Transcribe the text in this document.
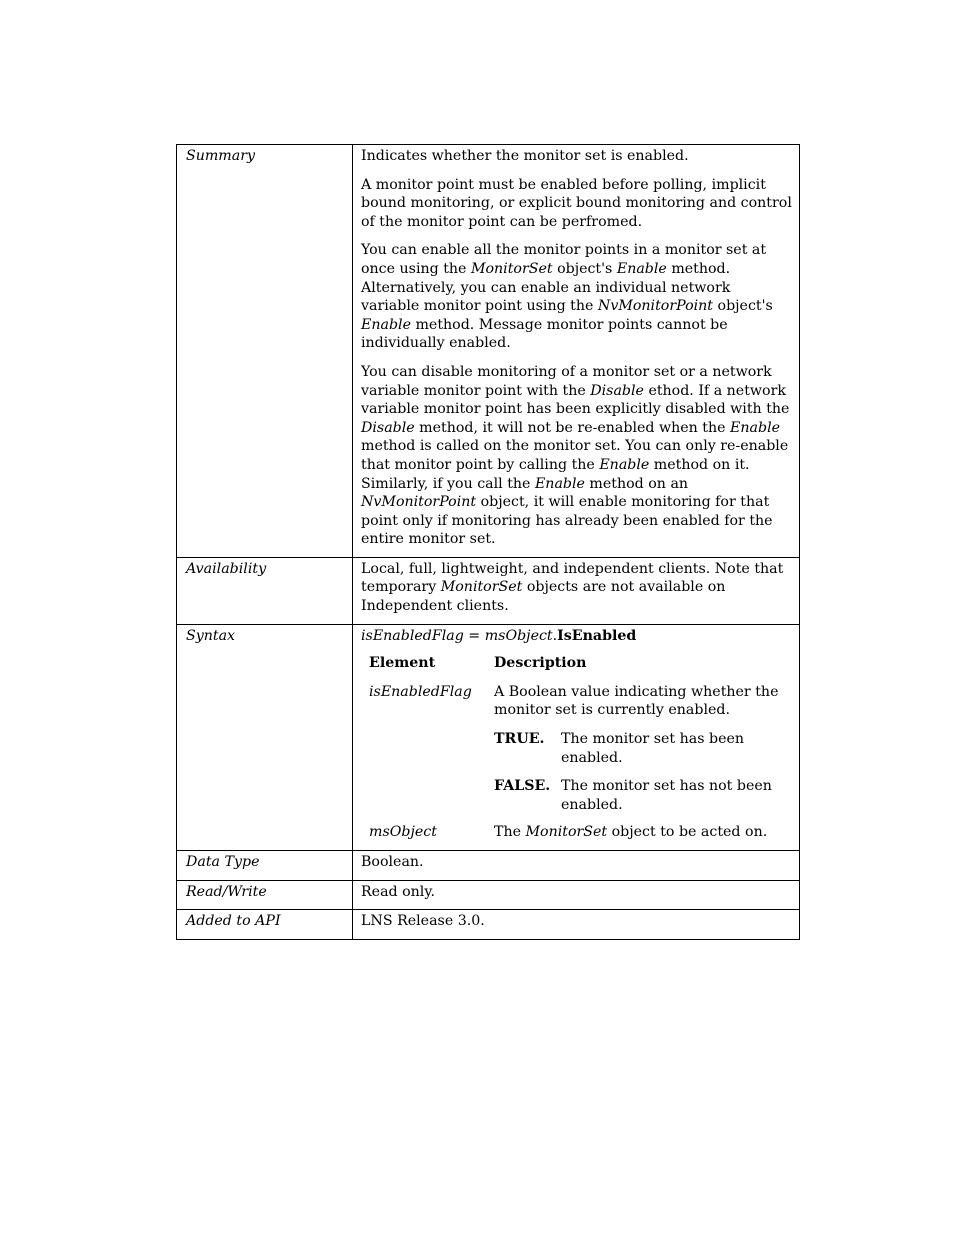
Summary	Indicates whether the monitor set is enabled.

A monitor point must be enabled before polling, implicit bound monitoring, or explicit bound monitoring and control of the monitor point can be perfromed.

You can enable all the monitor points in a monitor set at once using the MonitorSet object's Enable method. Alternatively, you can enable an individual network variable monitor point using the NvMonitorPoint object's Enable method. Message monitor points cannot be individually enabled.

You can disable monitoring of a monitor set or a network variable monitor point with the Disable ethod. If a network variable monitor point has been explicitly disabled with the Disable method, it will not be re-enabled when the Enable method is called on the monitor set. You can only re-enable that monitor point by calling the Enable method on it. Similarly, if you call the Enable method on an NvMonitorPoint object, it will enable monitoring for that point only if monitoring has already been enabled for the entire monitor set.

Availability	Local, full, lightweight, and independent clients. Note that temporary MonitorSet objects are not available on Independent clients.
Syntax	isEnabledFlag = msObject.IsEnabled
Element	Description
isEnabledFlag	A Boolean value indicating whether the monitor set is currently enabled.
TRUE. The monitor set has been enabled.
FALSE. The monitor set has not been enabled.

msObject	The MonitorSet object to be acted on.

Data Type	Boolean.
Read/Write	Read only.
Added to API	LNS Release 3.0.
